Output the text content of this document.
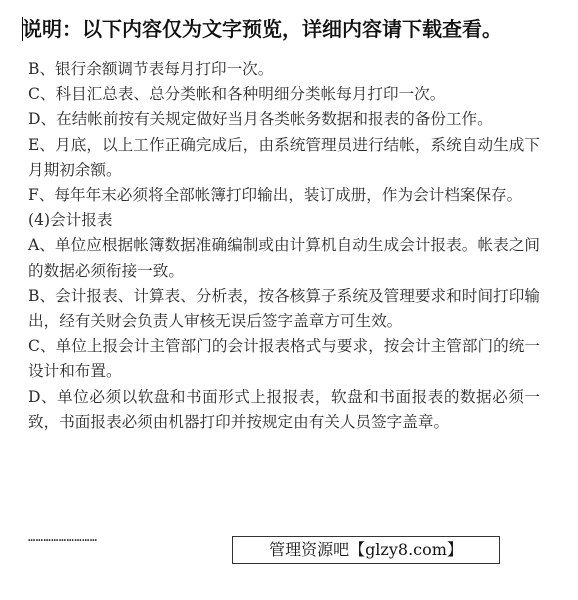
说明：以下内容仅为文字预览，详细内容请下载查看。

B、银行余额调节表每月打印一次。

C、科目汇总表、总分类帐和各种明细分类帐每月打印一次。

D、在结帐前按有关规定做好当月各类帐务数据和报表的备份工作。

E、月底，以上工作正确完成后，由系统管理员进行结帐，系统自动生成下月期初余额。

F、每年年末必须将全部帐簿打印输出，装订成册，作为会计档案保存。

(4)会计报表

A、单位应根据帐簿数据准确编制或由计算机自动生成会计报表。帐表之间的数据必须衔接一致。

B、会计报表、计算表、分析表，按各核算子系统及管理要求和时间打印输出，经有关财会负责人审核无误后签字盖章方可生效。

C、单位上报会计主管部门的会计报表格式与要求，按会计主管部门的统一设计和布置。

D、单位必须以软盘和书面形式上报报表，软盘和书面报表的数据必须一致，书面报表必须由机器打印并按规定由有关人员签字盖章。

………………………
管理资源吧【glzy8.com】
